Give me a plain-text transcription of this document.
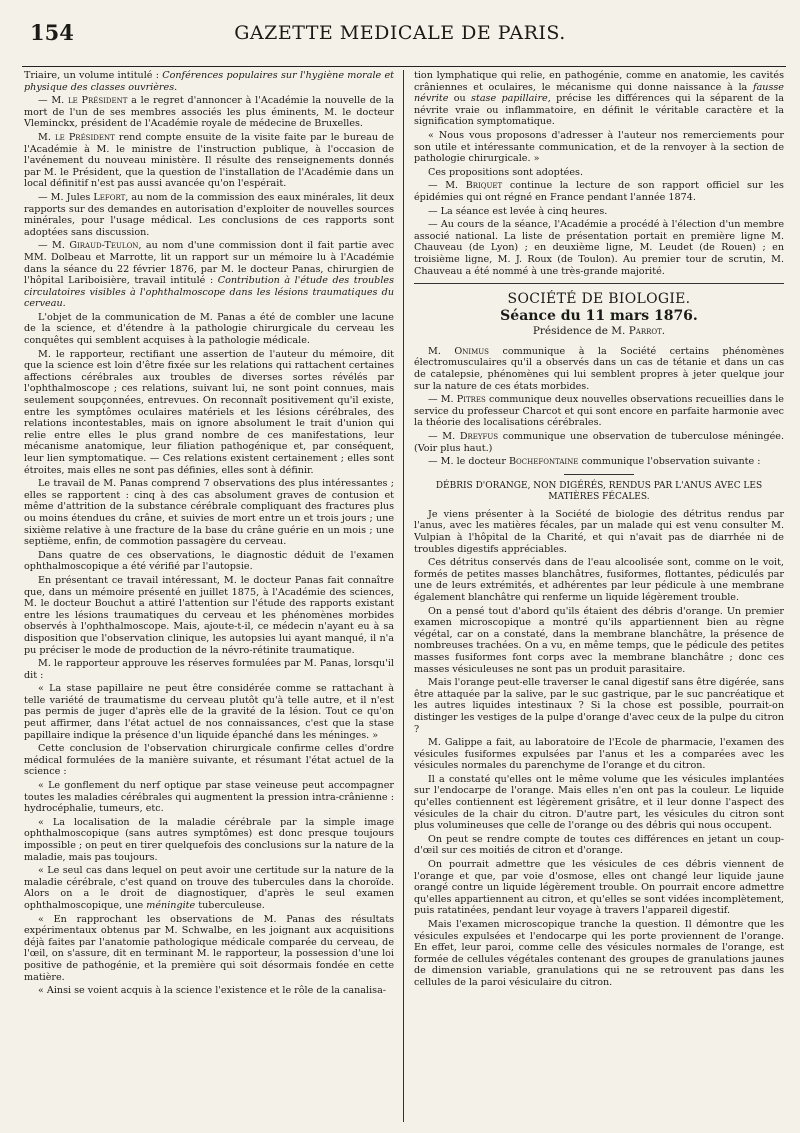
154	GAZETTE MEDICALE DE PARIS.

Triaire, un volume intitulé : Conférences populaires sur l'hygiène morale et physique des classes ouvrières.

— M. le Président a le regret d'annoncer à l'Académie la nouvelle de la mort de l'un de ses membres associés les plus éminents, M. le docteur Vleminckx, président de l'Académie royale de médecine de Bruxelles.

M. le Président rend compte ensuite de la visite faite par le bureau de l'Académie à M. le ministre de l'instruction publique, à l'occasion de l'avénement du nouveau ministère. Il résulte des renseignements donnés par M. le Président, que la question de l'installation de l'Académie dans un local définitif n'est pas aussi avancée qu'on l'espérait.

— M. Jules Lefort, au nom de la commission des eaux minérales, lit deux rapports sur des demandes en autorisation d'exploiter de nouvelles sources minérales, pour l'usage médical. Les conclusions de ces rapports sont adoptées sans discussion.

— M. Giraud-Teulon, au nom d'une commission dont il fait partie avec MM. Dolbeau et Marrotte, lit un rapport sur un mémoire lu à l'Académie dans la séance du 22 février 1876, par M. le docteur Panas, chirurgien de l'hôpital Lariboisière, travail intitulé : Contribution à l'étude des troubles circulatoires visibles à l'ophthalmoscope dans les lésions traumatiques du cerveau.

L'objet de la communication de M. Panas a été de combler une lacune de la science, et d'étendre à la pathologie chirurgicale du cerveau les conquêtes qui semblent acquises à la pathologie médicale.

M. le rapporteur, rectifiant une assertion de l'auteur du mémoire, dit que la science est loin d'être fixée sur les relations qui rattachent certaines affections cérébrales aux troubles de diverses sortes révélés par l'ophthalmoscope ; ces relations, suivant lui, ne sont point connues, mais seulement soupçonnées, entrevues. On reconnaît positivement qu'il existe, entre les symptômes oculaires matériels et les lésions cérébrales, des relations incontestables, mais on ignore absolument le trait d'union qui relie entre elles le plus grand nombre de ces manifestations, leur mécanisme anatomique, leur filiation pathogénique et, par conséquent, leur lien symptomatique. — Ces relations existent certainement ; elles sont étroites, mais elles ne sont pas définies, elles sont à définir.

Le travail de M. Panas comprend 7 observations des plus intéressantes ; elles se rapportent : cinq à des cas absolument graves de contusion et même d'attrition de la substance cérébrale compliquant des fractures plus ou moins étendues du crâne, et suivies de mort entre un et trois jours ; une sixième relative à une fracture de la base du crâne guérie en un mois ; une septième, enfin, de commotion passagère du cerveau.

Dans quatre de ces observations, le diagnostic déduit de l'examen ophthalmoscopique a été vérifié par l'autopsie.

En présentant ce travail intéressant, M. le docteur Panas fait connaître que, dans un mémoire présenté en juillet 1875, à l'Académie des sciences, M. le docteur Bouchut a attiré l'attention sur l'étude des rapports existant entre les lésions traumatiques du cerveau et les phénomènes morbides observés à l'ophthalmoscope. Mais, ajoute-t-il, ce médecin n'ayant eu à sa disposition que l'observation clinique, les autopsies lui ayant manqué, il n'a pu préciser le mode de production de la névro-rétinite traumatique.

M. le rapporteur approuve les réserves formulées par M. Panas, lorsqu'il dit :

« La stase papillaire ne peut être considérée comme se rattachant à telle variété de traumatisme du cerveau plutôt qu'à telle autre, et il n'est pas permis de juger d'après elle de la gravité de la lésion. Tout ce qu'on peut affirmer, dans l'état actuel de nos connaissances, c'est que la stase papillaire indique la présence d'un liquide épanché dans les méninges. »

Cette conclusion de l'observation chirurgicale confirme celles d'ordre médical formulées de la manière suivante, et résumant l'état actuel de la science :

« Le gonflement du nerf optique par stase veineuse peut accompagner toutes les maladies cérébrales qui augmentent la pression intra-crânienne : hydrocéphalie, tumeurs, etc.

« La localisation de la maladie cérébrale par la simple image ophthalmoscopique (sans autres symptômes) est donc presque toujours impossible ; on peut en tirer quelquefois des conclusions sur la nature de la maladie, mais pas toujours.

« Le seul cas dans lequel on peut avoir une certitude sur la nature de la maladie cérébrale, c'est quand on trouve des tubercules dans la choroïde. Alors on a le droit de diagnostiquer, d'après le seul examen ophthalmoscopique, une méningite tuberculeuse.

« En rapprochant les observations de M. Panas des résultats expérimentaux obtenus par M. Schwalbe, en les joignant aux acquisitions déjà faites par l'anatomie pathologique médicale comparée du cerveau, de l'œil, on s'assure, dit en terminant M. le rapporteur, la possession d'une loi positive de pathogénie, et la première qui soit désormais fondée en cette matière.

« Ainsi se voient acquis à la science l'existence et le rôle de la canalisa-

tion lymphatique qui relie, en pathogénie, comme en anatomie, les cavités crâniennes et oculaires, le mécanisme qui donne naissance à la fausse névrite ou stase papillaire, précise les différences qui la séparent de la névrite vraie ou inflammatoire, en définit le véritable caractère et la signification symptomatique.

« Nous vous proposons d'adresser à l'auteur nos remerciements pour son utile et intéressante communication, et de la renvoyer à la section de pathologie chirurgicale. »

Ces propositions sont adoptées.

— M. Briquet continue la lecture de son rapport officiel sur les épidémies qui ont régné en France pendant l'année 1874.

— La séance est levée à cinq heures.

— Au cours de la séance, l'Académie a procédé à l'élection d'un membre associé national. La liste de présentation portait en première ligne M. Chauveau (de Lyon) ; en deuxième ligne, M. Leudet (de Rouen) ; en troisième ligne, M. J. Roux (de Toulon). Au premier tour de scrutin, M. Chauveau a été nommé à une très-grande majorité.

SOCIÉTÉ DE BIOLOGIE.
Séance du 11 mars 1876.
Présidence de M. Parrot.

M. Onimus communique à la Société certains phénomènes électromusculaires qu'il a observés dans un cas de tétanie et dans un cas de catalepsie, phénomènes qui lui semblent propres à jeter quelque jour sur la nature de ces états morbides.

— M. Pitres communique deux nouvelles observations recueillies dans le service du professeur Charcot et qui sont encore en parfaite harmonie avec la théorie des localisations cérébrales.

— M. Dreyfus communique une observation de tuberculose méningée. (Voir plus haut.)

— M. le docteur Bochefontaine communique l'observation suivante :

DÉBRIS D'ORANGE, NON DIGÉRÉS, RENDUS PAR L'ANUS AVEC LES MATIÈRES FÉCALES.

Je viens présenter à la Société de biologie des détritus rendus par l'anus, avec les matières fécales, par un malade qui est venu consulter M. Vulpian à l'hôpital de la Charité, et qui n'avait pas de diarrhée ni de troubles digestifs appréciables.

Ces détritus conservés dans de l'eau alcoolisée sont, comme on le voit, formés de petites masses blanchâtres, fusiformes, flottantes, pédiculés par une de leurs extrémités, et adhérentes par leur pédicule à une membrane également blanchâtre qui renferme un liquide légèrement trouble.

On a pensé tout d'abord qu'ils étaient des débris d'orange. Un premier examen microscopique a montré qu'ils appartiennent bien au règne végétal, car on a constaté, dans la membrane blanchâtre, la présence de nombreuses trachées. On a vu, en même temps, que le pédicule des petites masses fusiformes font corps avec la membrane blanchâtre ; donc ces masses vésiculeuses ne sont pas un produit parasitaire.

Mais l'orange peut-elle traverser le canal digestif sans être digérée, sans être attaquée par la salive, par le suc gastrique, par le suc pancréatique et les autres liquides intestinaux ? Si la chose est possible, pourrait-on distinger les vestiges de la pulpe d'orange d'avec ceux de la pulpe du citron ?

M. Galippe a fait, au laboratoire de l'Ecole de pharmacie, l'examen des vésicules fusiformes expulsées par l'anus et les a comparées avec les vésicules normales du parenchyme de l'orange et du citron.

Il a constaté qu'elles ont le même volume que les vésicules implantées sur l'endocarpe de l'orange. Mais elles n'en ont pas la couleur. Le liquide qu'elles contiennent est légèrement grisâtre, et il leur donne l'aspect des vésicules de la chair du citron. D'autre part, les vésicules du citron sont plus volumineuses que celle de l'orange ou des débris qui nous occupent.

On peut se rendre compte de toutes ces différences en jetant un coup-d'œil sur ces moitiés de citron et d'orange.

On pourrait admettre que les vésicules de ces débris viennent de l'orange et que, par voie d'osmose, elles ont changé leur liquide jaune orangé contre un liquide légèrement trouble. On pourrait encore admettre qu'elles appartiennent au citron, et qu'elles se sont vidées incomplètement, puis ratatinées, pendant leur voyage à travers l'appareil digestif.

Mais l'examen microscopique tranche la question. Il démontre que les vésicules expulsées et l'endocarpe qui les porte proviennent de l'orange. En effet, leur paroi, comme celle des vésicules normales de l'orange, est formée de cellules végétales contenant des groupes de granulations jaunes de dimension variable, granulations qui ne se retrouvent pas dans les cellules de la paroi vésiculaire du citron.
